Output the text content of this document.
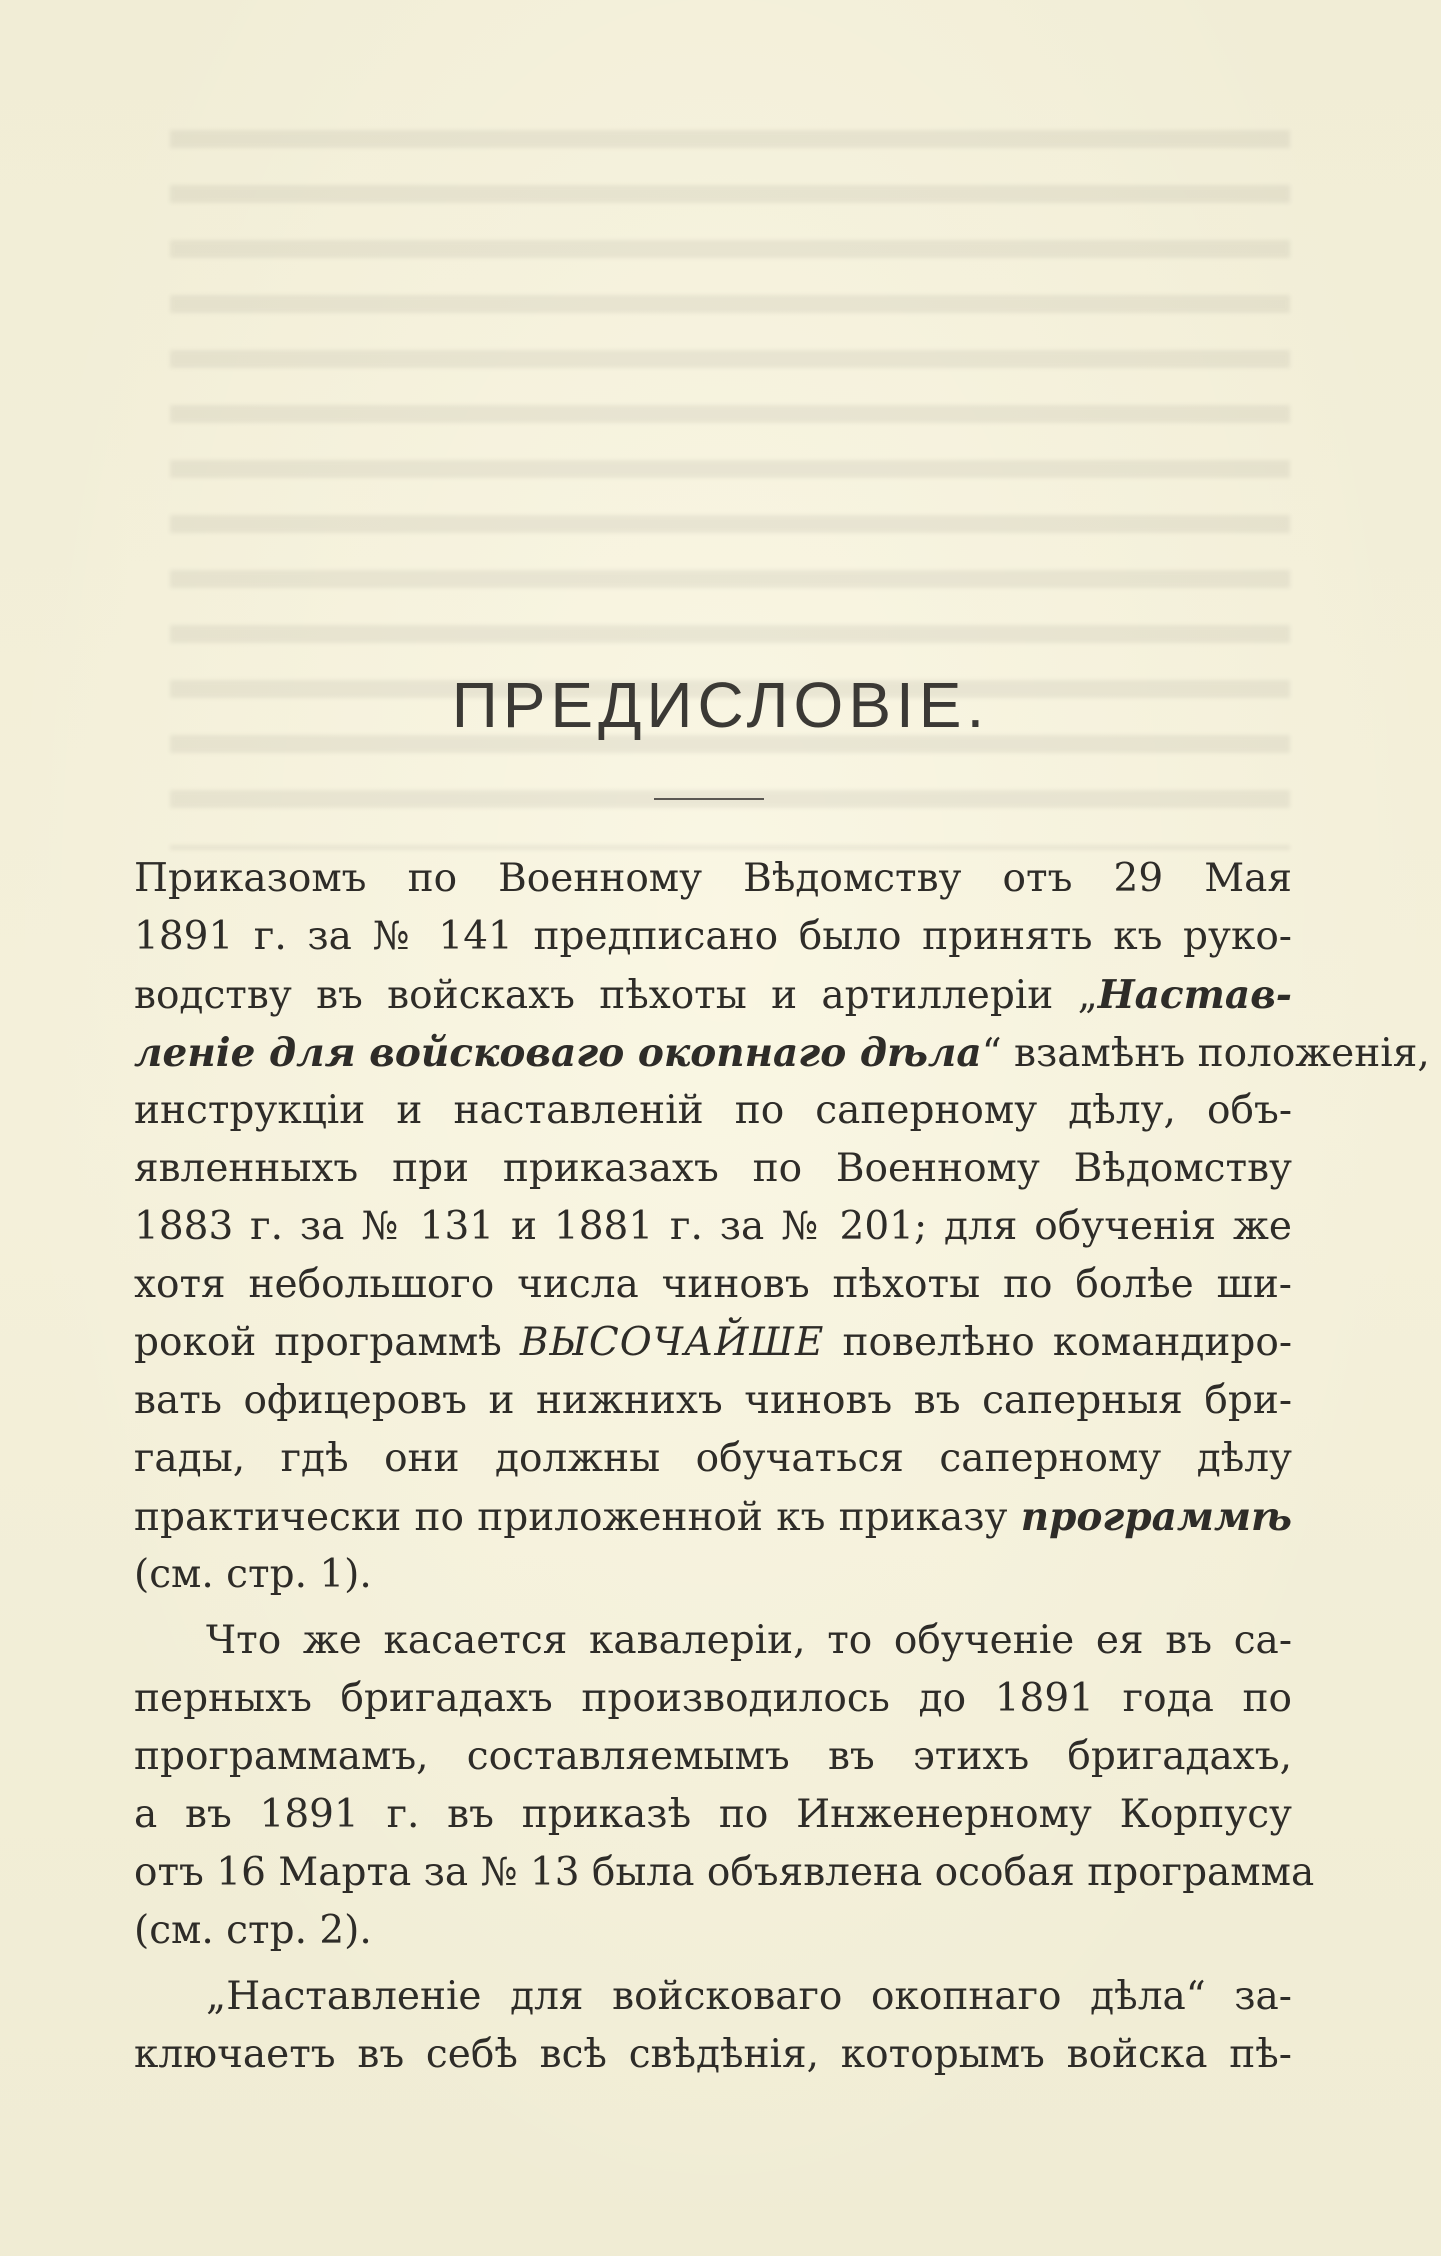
ПРЕДИСЛОВІЕ.
Приказомъ по Военному Вѣдомству отъ 29 Мая
1891 г. за № 141 предписано было принять къ руко-
водству въ войскахъ пѣхоты и артиллеріи „Настав-
леніе для войсковаго окопнаго дѣла“ взамѣнъ положенія,
инструкціи и наставленій по саперному дѣлу, объ-
явленныхъ при приказахъ по Военному Вѣдомству
1883 г. за № 131 и 1881 г. за № 201; для обученія же
хотя небольшого числа чиновъ пѣхоты по болѣе ши-
рокой программѣ ВЫСОЧАЙШЕ повелѣно командиро-
вать офицеровъ и нижнихъ чиновъ въ саперныя бри-
гады, гдѣ они должны обучаться саперному дѣлу
практически по приложенной къ приказу программѣ
(см. стр. 1).
Что же касается кавалеріи, то обученіе ея въ са-
перныхъ бригадахъ производилось до 1891 года по
программамъ, составляемымъ въ этихъ бригадахъ,
а въ 1891 г. въ приказѣ по Инженерному Корпусу
отъ 16 Марта за № 13 была объявлена особая программа
(см. стр. 2).
„Наставленіе для войсковаго окопнаго дѣла“ за-
ключаетъ въ себѣ всѣ свѣдѣнія, которымъ войска пѣ-
